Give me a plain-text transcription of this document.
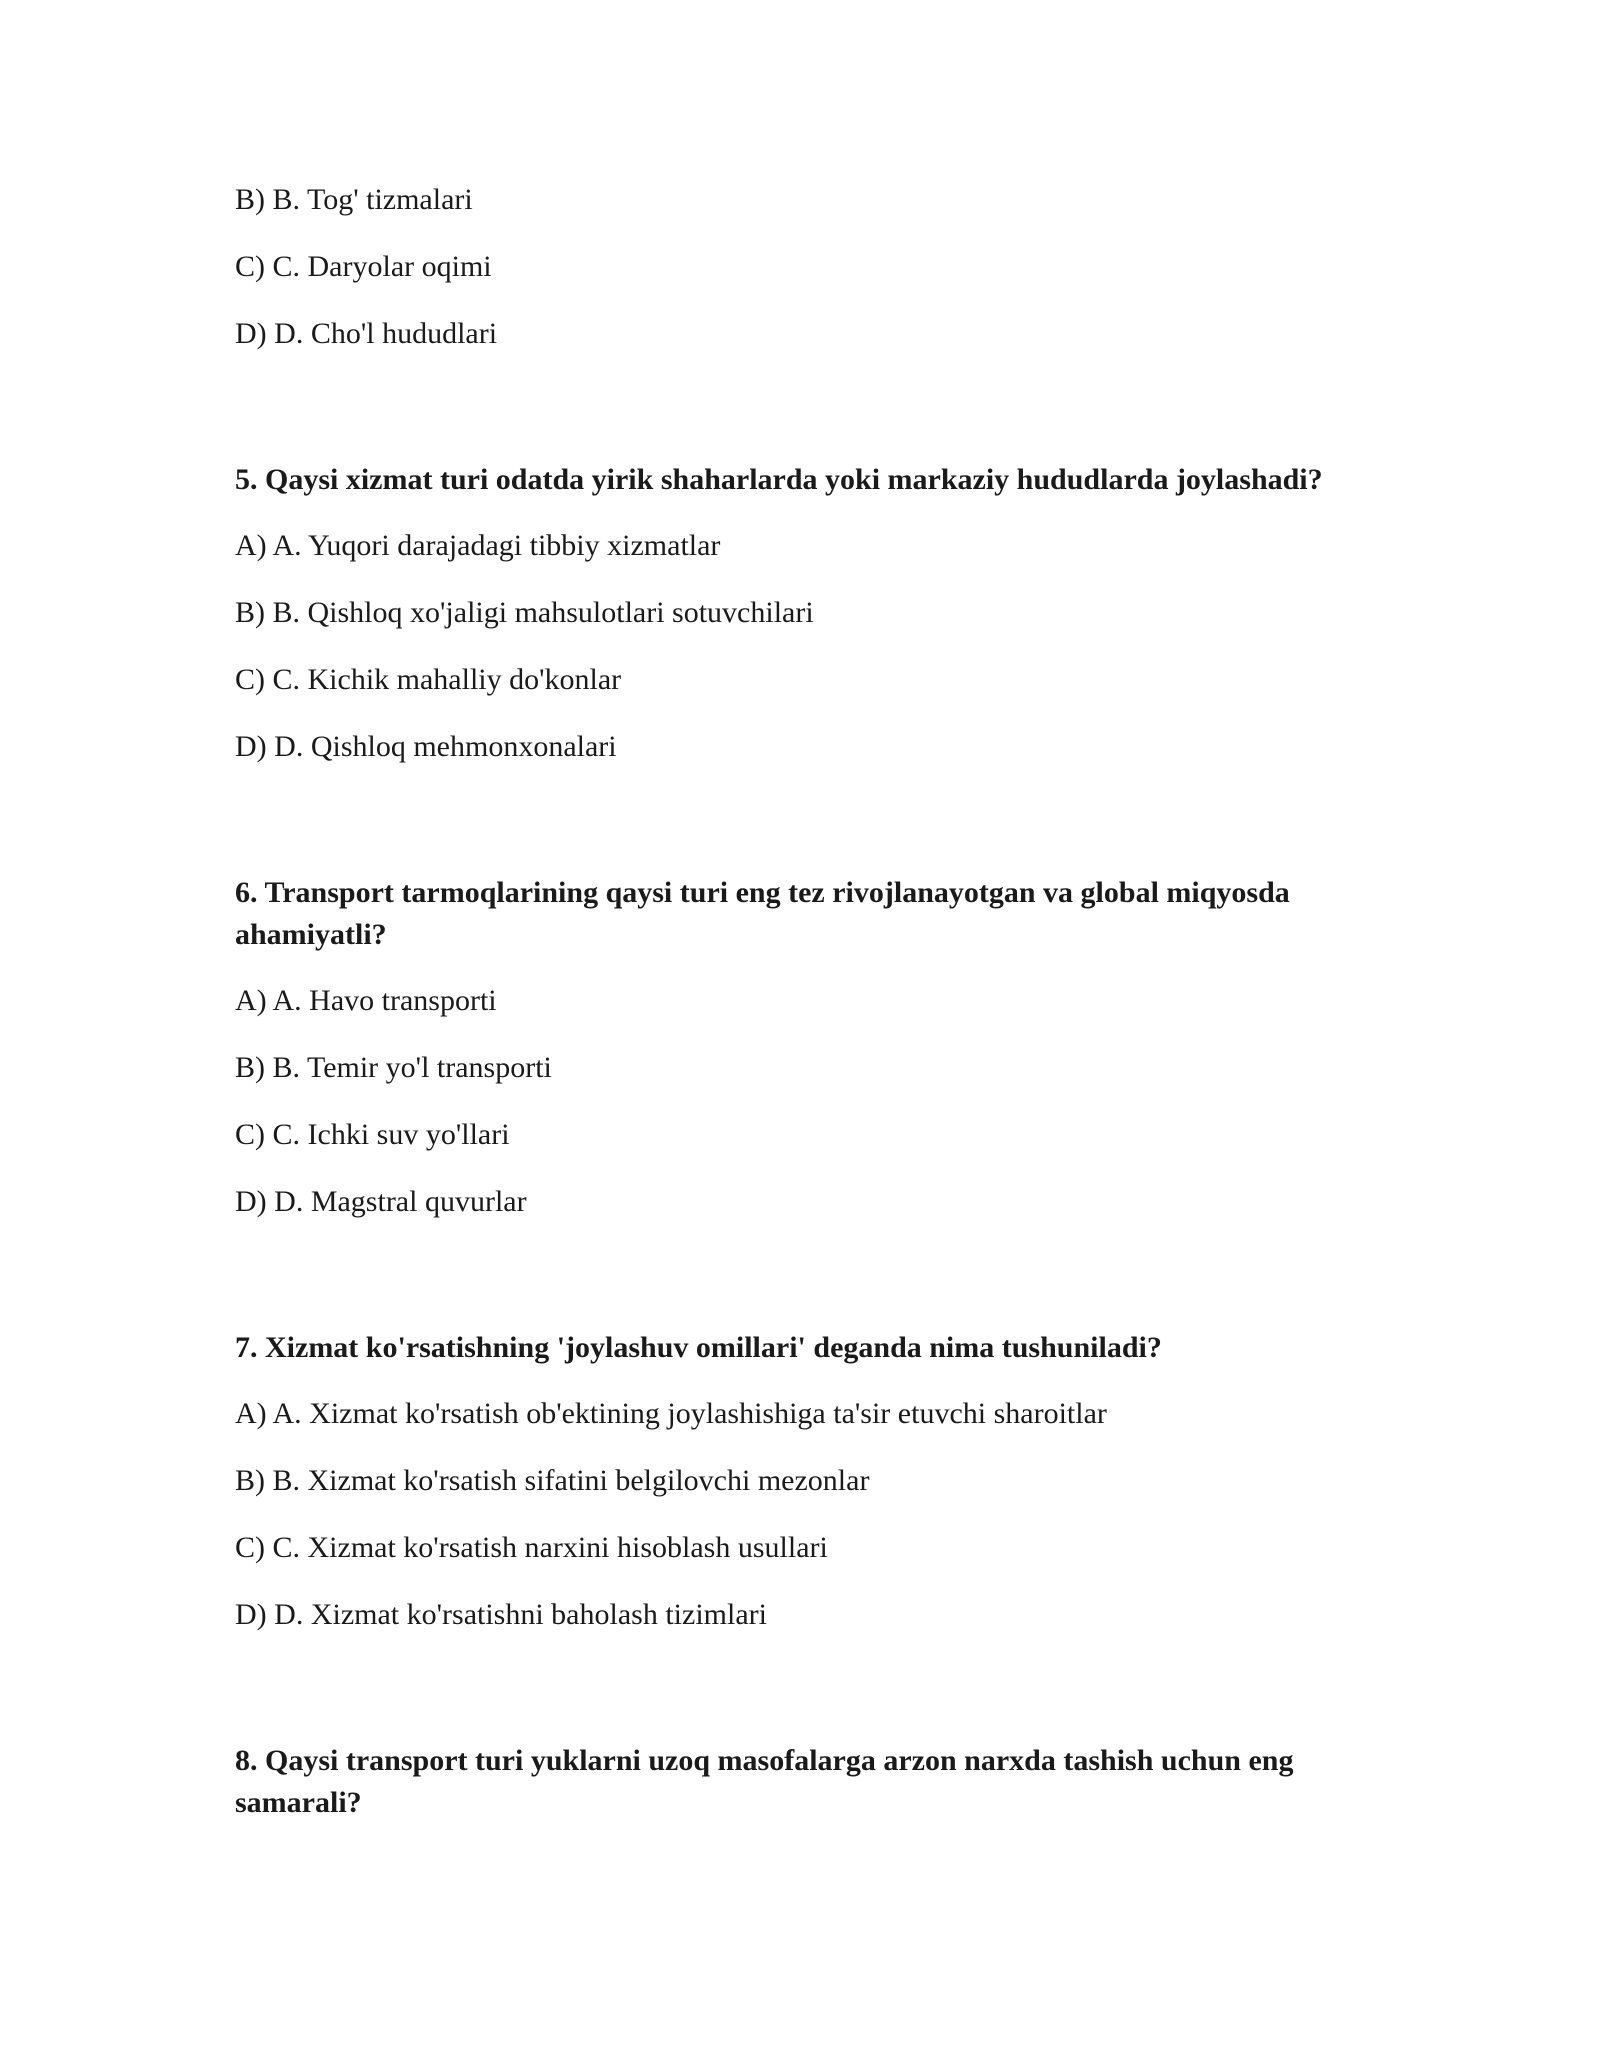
B) B. Tog' tizmalari

C) C. Daryolar oqimi

D) D. Cho'l hududlari

5. Qaysi xizmat turi odatda yirik shaharlarda yoki markaziy hududlarda joylashadi?

A) A. Yuqori darajadagi tibbiy xizmatlar

B) B. Qishloq xo'jaligi mahsulotlari sotuvchilari

C) C. Kichik mahalliy do'konlar

D) D. Qishloq mehmonxonalari

6. Transport tarmoqlarining qaysi turi eng tez rivojlanayotgan va global miqyosda ahamiyatli?

A) A. Havo transporti

B) B. Temir yo'l transporti

C) C. Ichki suv yo'llari

D) D. Magstral quvurlar

7. Xizmat ko'rsatishning 'joylashuv omillari' deganda nima tushuniladi?

A) A. Xizmat ko'rsatish ob'ektining joylashishiga ta'sir etuvchi sharoitlar

B) B. Xizmat ko'rsatish sifatini belgilovchi mezonlar

C) C. Xizmat ko'rsatish narxini hisoblash usullari

D) D. Xizmat ko'rsatishni baholash tizimlari

8. Qaysi transport turi yuklarni uzoq masofalarga arzon narxda tashish uchun eng samarali?
